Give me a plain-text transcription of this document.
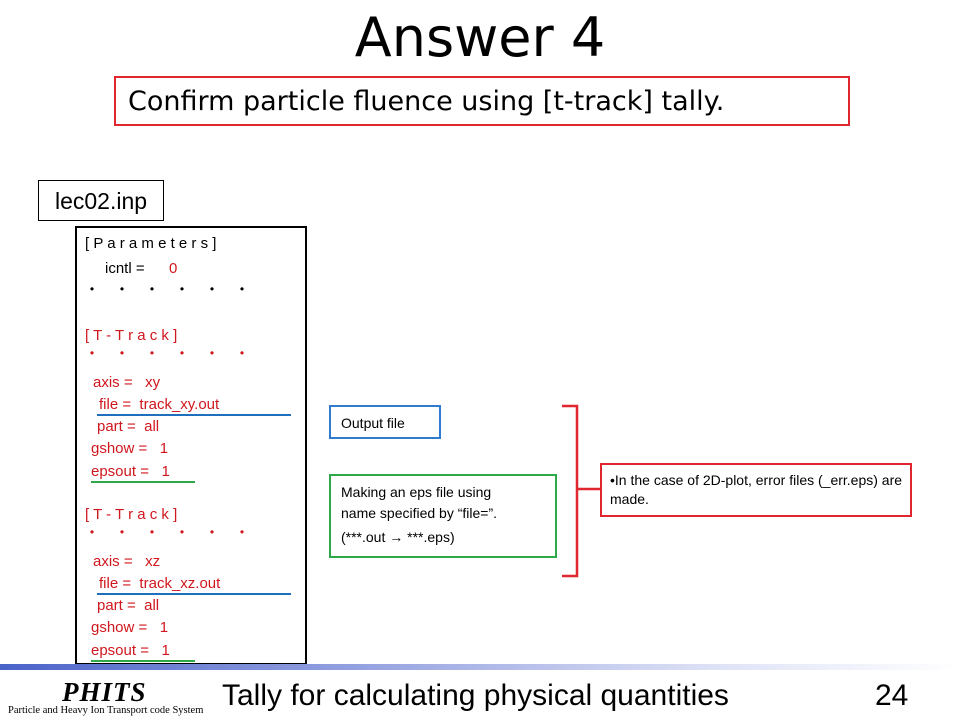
Answer 4
Confirm particle fluence using [t-track] tally.
lec02.inp
[ P a r a m e t e r s ]
icntl = 0
・・・・・・
[ T - T r a c k ]
・・・・・・
axis =   xy
file =  track_xy.out
part =  all
gshow =   1
epsout =   1
[ T - T r a c k ]
・・・・・・
axis =   xz
file =  track_xz.out
part =  all
gshow =   1
epsout =   1
Output file
Making an eps file using
name specified by “file=”.
(***.out → ***.eps)
•In the case of 2D-plot, error files (_err.eps) are made.
PHITS
Particle and Heavy Ion Transport code System Tally for calculating physical quantities	24
